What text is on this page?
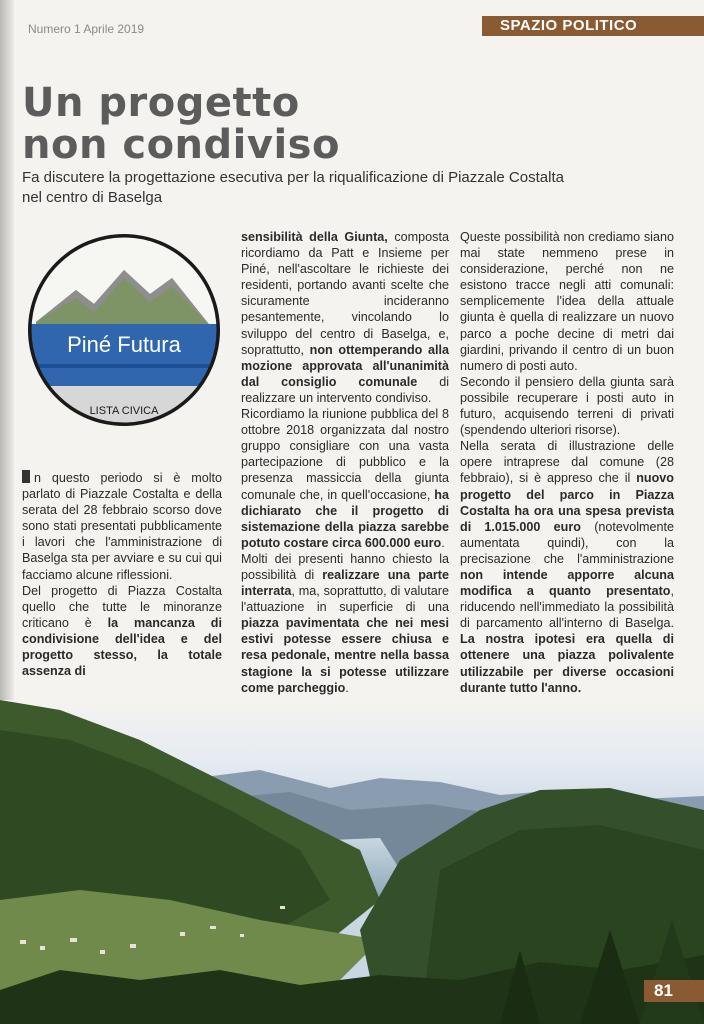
Numero 1 Aprile 2019	SPAZIO POLITICO
Un progetto
non condiviso

Fa discutere la progettazione esecutiva per la riqualificazione di Piazzale Costalta nel centro di Baselga

Piné Futura
LISTA CIVICA

n questo periodo si è molto parlato di Piazzale Costalta e della serata del 28 febbraio scorso dove sono stati presentati pubblicamente i lavori che l'amministrazione di Baselga sta per avviare e su cui qui facciamo alcune riflessioni.

Del progetto di Piazza Costalta quello che tutte le minoranze criticano è la mancanza di condivisione dell'idea e del progetto stesso, la totale assenza di

sensibilità della Giunta, composta ricordiamo da Patt e Insieme per Piné, nell'ascoltare le richieste dei residenti, portando avanti scelte che sicuramente incideranno pesantemente, vincolando lo sviluppo del centro di Baselga, e, soprattutto, non ottemperando alla mozione approvata all'unanimità dal consiglio comunale di realizzare un intervento condiviso.

Ricordiamo la riunione pubblica del 8 ottobre 2018 organizzata dal nostro gruppo consigliare con una vasta partecipazione di pubblico e la presenza massiccia della giunta comunale che, in quell'occasione, ha dichiarato che il progetto di sistemazione della piazza sarebbe potuto costare circa 600.000 euro.

Molti dei presenti hanno chiesto la possibilità di realizzare una parte interrata, ma, soprattutto, di valutare l'attuazione in superficie di una piazza pavimentata che nei mesi estivi potesse essere chiusa e resa pedonale, mentre nella bassa stagione la si potesse utilizzare come parcheggio.

Queste possibilità non crediamo siano mai state nemmeno prese in considerazione, perché non ne esistono tracce negli atti comunali: semplicemente l'idea della attuale giunta è quella di realizzare un nuovo parco a poche decine di metri dai giardini, privando il centro di un buon numero di posti auto.

Secondo il pensiero della giunta sarà possibile recuperare i posti auto in futuro, acquisendo terreni di privati (spendendo ulteriori risorse).

Nella serata di illustrazione delle opere intraprese dal comune (28 febbraio), si è appreso che il nuovo progetto del parco in Piazza Costalta ha ora una spesa prevista di 1.015.000 euro (notevolmente aumentata quindi), con la precisazione che l'amministrazione non intende apporre alcuna modifica a quanto presentato, riducendo nell'immediato la possibilità di parcamento all'interno di Baselga. La nostra ipotesi era quella di ottenere una piazza polivalente utilizzabile per diverse occasioni durante tutto l'anno.

81
